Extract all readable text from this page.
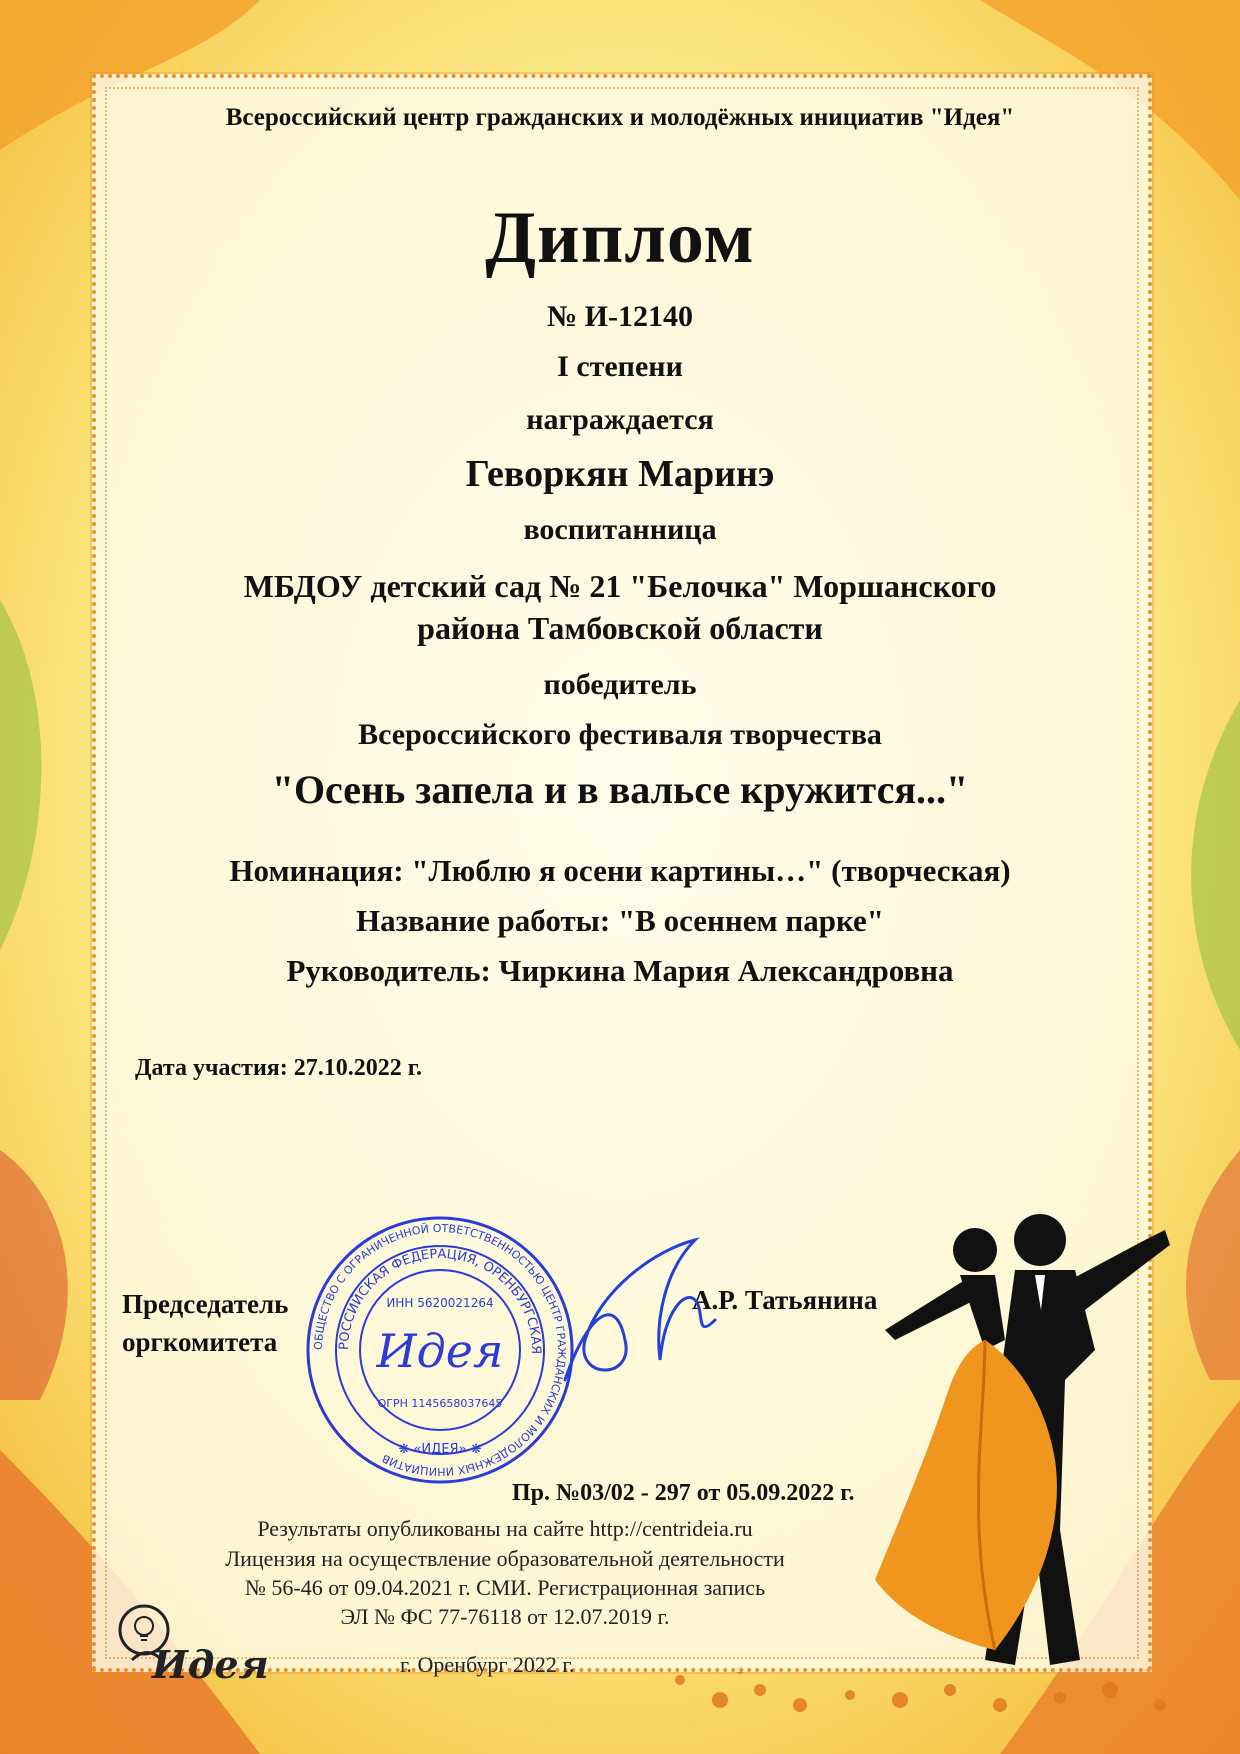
Всероссийский центр гражданских и молодёжных инициатив "Идея"
Диплом
№ И-12140
I степени
награждается
Геворкян Маринэ
воспитанница
МБДОУ детский сад № 21 "Белочка" Моршанского
района Тамбовской области
победитель
Всероссийского фестиваля творчества
"Осень запела и в вальсе кружится..."
Номинация: "Люблю я осени картины…" (творческая)
Название работы: "В осеннем парке"
Руководитель: Чиркина Мария Александровна
Дата участия: 27.10.2022 г.
Председатель
оргкомитета
А.Р. Татьянина
ОБЩЕСТВО С ОГРАНИЧЕННОЙ ОТВЕТСТВЕННОСТЬЮ ЦЕНТР ГРАЖДАНСКИХ И МОЛОДЕЖНЫХ ИНИЦИАТИВ
РОССИЙСКАЯ ФЕДЕРАЦИЯ, ОРЕНБУРГСКАЯ
ИНН 5620021264
Идея
ОГРН 1145658037645
❋ «ИДЕЯ» ❋
Пр. №03/02 - 297 от 05.09.2022 г.
Результаты опубликованы на сайте http://centrideia.ru
Лицензия на осуществление образовательной деятельности
№ 56-46 от 09.04.2021 г. СМИ. Регистрационная запись
ЭЛ № ФС 77-76118 от 12.07.2019 г.
г. Оренбург 2022 г.
Идея
